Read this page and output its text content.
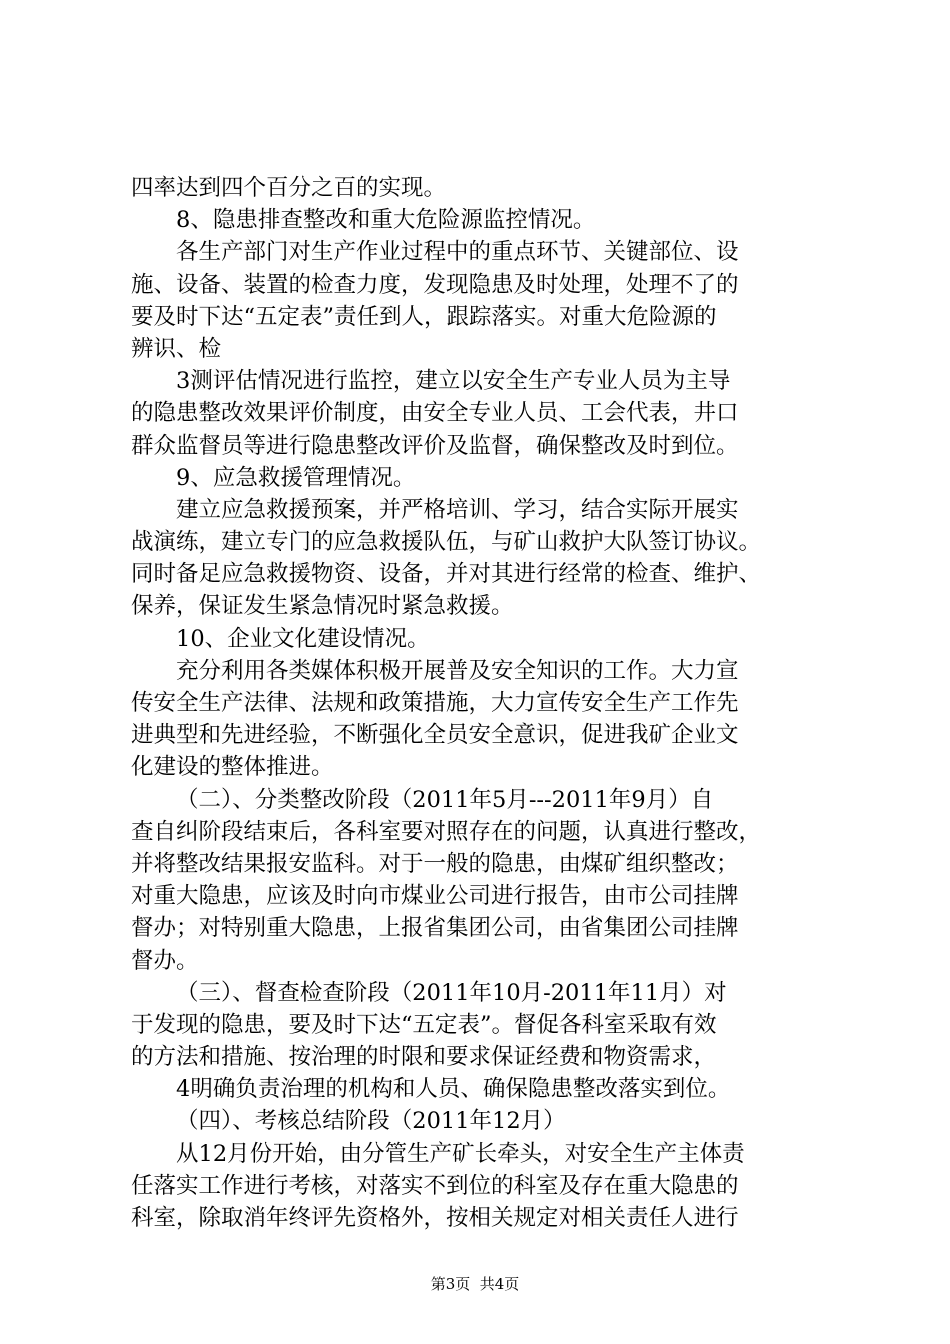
四率达到四个百分之百的实现。
8、隐患排查整改和重大危险源监控情况。
各生产部门对生产作业过程中的重点环节、关键部位、设
施、设备、装置的检查力度，发现隐患及时处理，处理不了的
要及时下达“五定表”责任到人，跟踪落实。对重大危险源的
辨识、检
3测评估情况进行监控，建立以安全生产专业人员为主导
的隐患整改效果评价制度，由安全专业人员、工会代表，井口
群众监督员等进行隐患整改评价及监督，确保整改及时到位。
9、应急救援管理情况。
建立应急救援预案，并严格培训、学习，结合实际开展实
战演练，建立专门的应急救援队伍，与矿山救护大队签订协议。
同时备足应急救援物资、设备，并对其进行经常的检查、维护、
保养，保证发生紧急情况时紧急救援。
10、企业文化建设情况。
充分利用各类媒体积极开展普及安全知识的工作。大力宣
传安全生产法律、法规和政策措施，大力宣传安全生产工作先
进典型和先进经验，不断强化全员安全意识，促进我矿企业文
化建设的整体推进。
（二）、分类整改阶段（2011年5月---2011年9月）自
查自纠阶段结束后，各科室要对照存在的问题，认真进行整改，
并将整改结果报安监科。对于一般的隐患，由煤矿组织整改；
对重大隐患，应该及时向市煤业公司进行报告，由市公司挂牌
督办；对特别重大隐患，上报省集团公司，由省集团公司挂牌
督办。
（三）、督查检查阶段（2011年10月-2011年11月）对
于发现的隐患，要及时下达“五定表”。督促各科室采取有效
的方法和措施、按治理的时限和要求保证经费和物资需求，
4明确负责治理的机构和人员、确保隐患整改落实到位。
（四）、考核总结阶段（2011年12月）
从12月份开始，由分管生产矿长牵头，对安全生产主体责
任落实工作进行考核，对落实不到位的科室及存在重大隐患的
科室，除取消年终评先资格外，按相关规定对相关责任人进行
第3页  共4页
